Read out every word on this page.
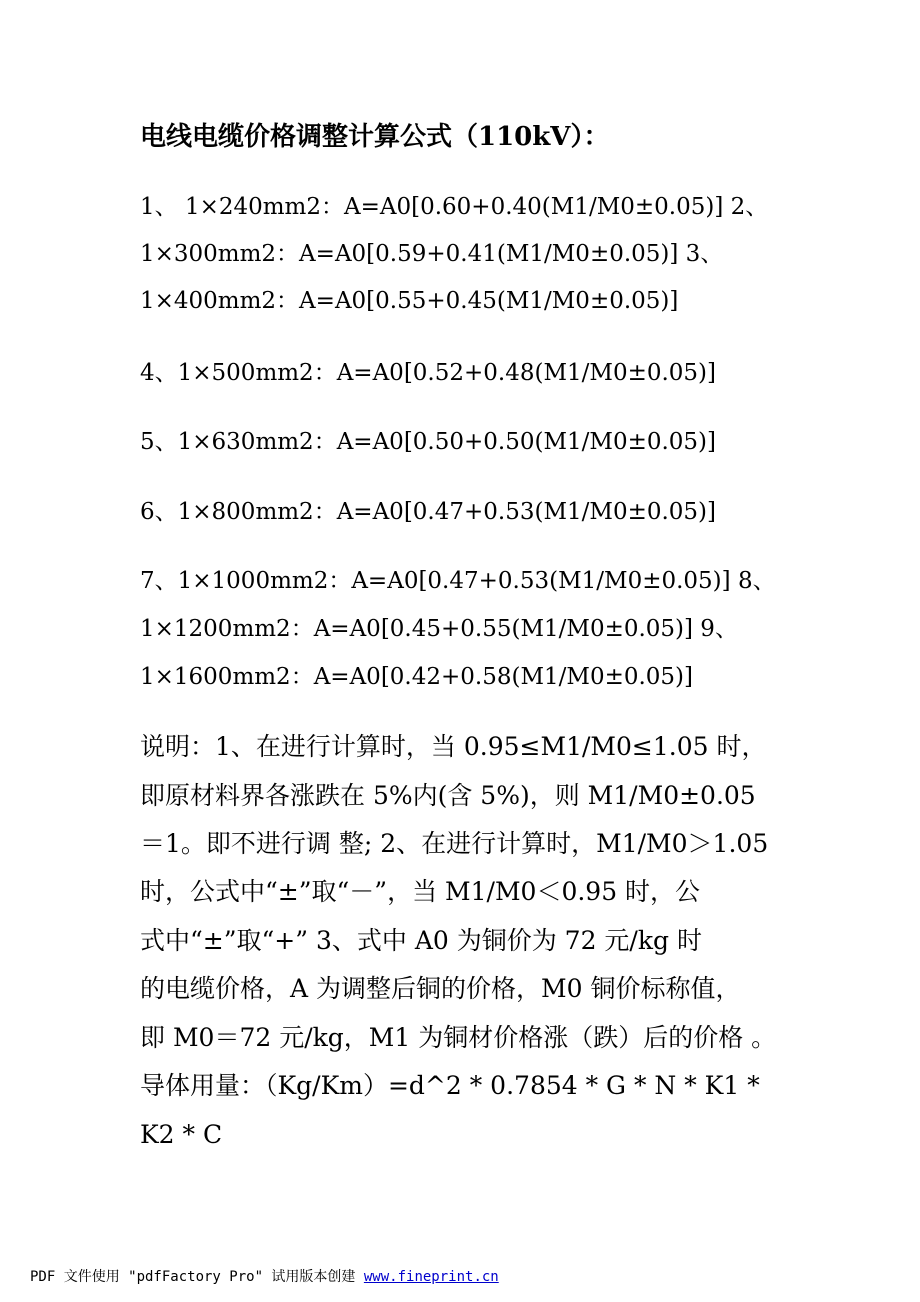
电线电缆价格调整计算公式（110kV）：
1、 1×240mm2：A=A0[0.60+0.40(M1/M0±0.05)] 2、
1×300mm2：A=A0[0.59+0.41(M1/M0±0.05)] 3、
1×400mm2：A=A0[0.55+0.45(M1/M0±0.05)]
4、1×500mm2：A=A0[0.52+0.48(M1/M0±0.05)]
5、1×630mm2：A=A0[0.50+0.50(M1/M0±0.05)]
6、1×800mm2：A=A0[0.47+0.53(M1/M0±0.05)]
7、1×1000mm2：A=A0[0.47+0.53(M1/M0±0.05)] 8、
1×1200mm2：A=A0[0.45+0.55(M1/M0±0.05)] 9、
1×1600mm2：A=A0[0.42+0.58(M1/M0±0.05)]
说明：1、在进行计算时，当 0.95≤M1/M0≤1.05 时，
即原材料界各涨跌在 5%内(含 5%)，则 M1/M0±0.05
＝1。即不进行调 整; 2、在进行计算时，M1/M0＞1.05
时，公式中“±”取“－”，当 M1/M0＜0.95 时，公
式中“±”取“+” 3、式中 A0 为铜价为 72 元/kg 时
的电缆价格，A 为调整后铜的价格，M0 铜价标称值，
即 M0＝72 元/kg，M1 为铜材价格涨（跌）后的价格 。
导体用量：（Kg/Km）=d^2 * 0.7854 * G * N * K1 *
K2 * C
PDF 文件使用 "pdfFactory Pro" 试用版本创建 www.fineprint.cn
